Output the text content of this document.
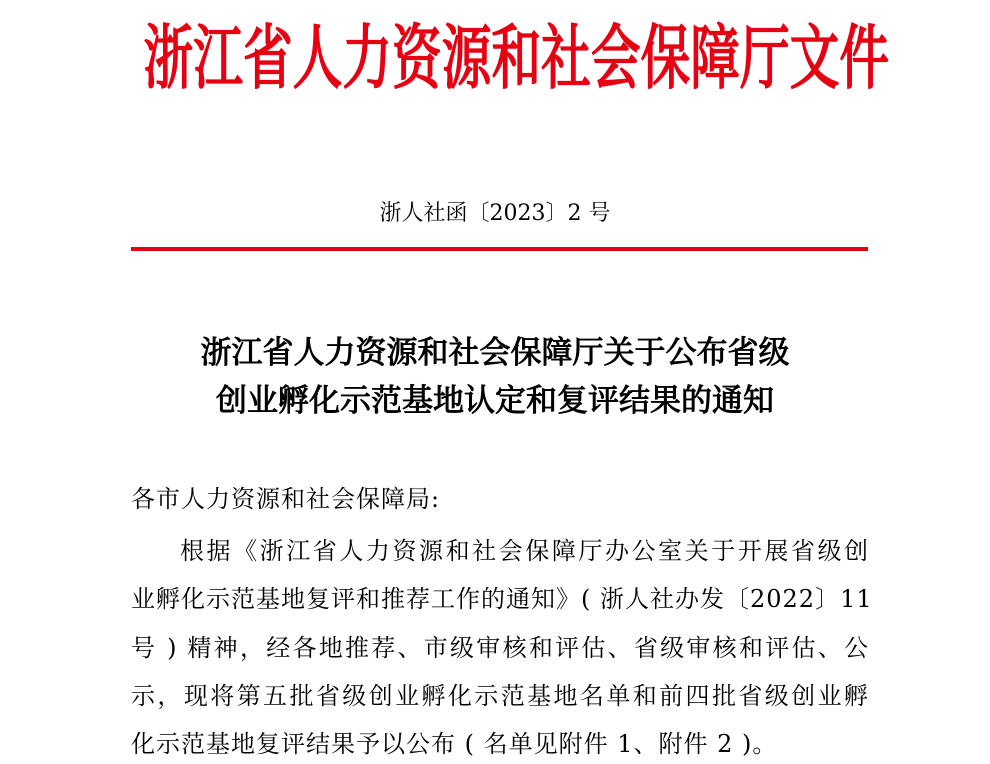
浙江省人力资源和社会保障厅文件
浙人社函〔2023〕2 号
浙江省人力资源和社会保障厅关于公布省级
创业孵化示范基地认定和复评结果的通知
各市人力资源和社会保障局:
根据《浙江省人力资源和社会保障厅办公室关于开展省级创
业孵化示范基地复评和推荐工作的通知》( 浙人社办发〔2022〕11
号 ) 精神，经各地推荐、市级审核和评估、省级审核和评估、公
示，现将第五批省级创业孵化示范基地名单和前四批省级创业孵
化示范基地复评结果予以公布 ( 名单见附件 1、附件 2 )。
